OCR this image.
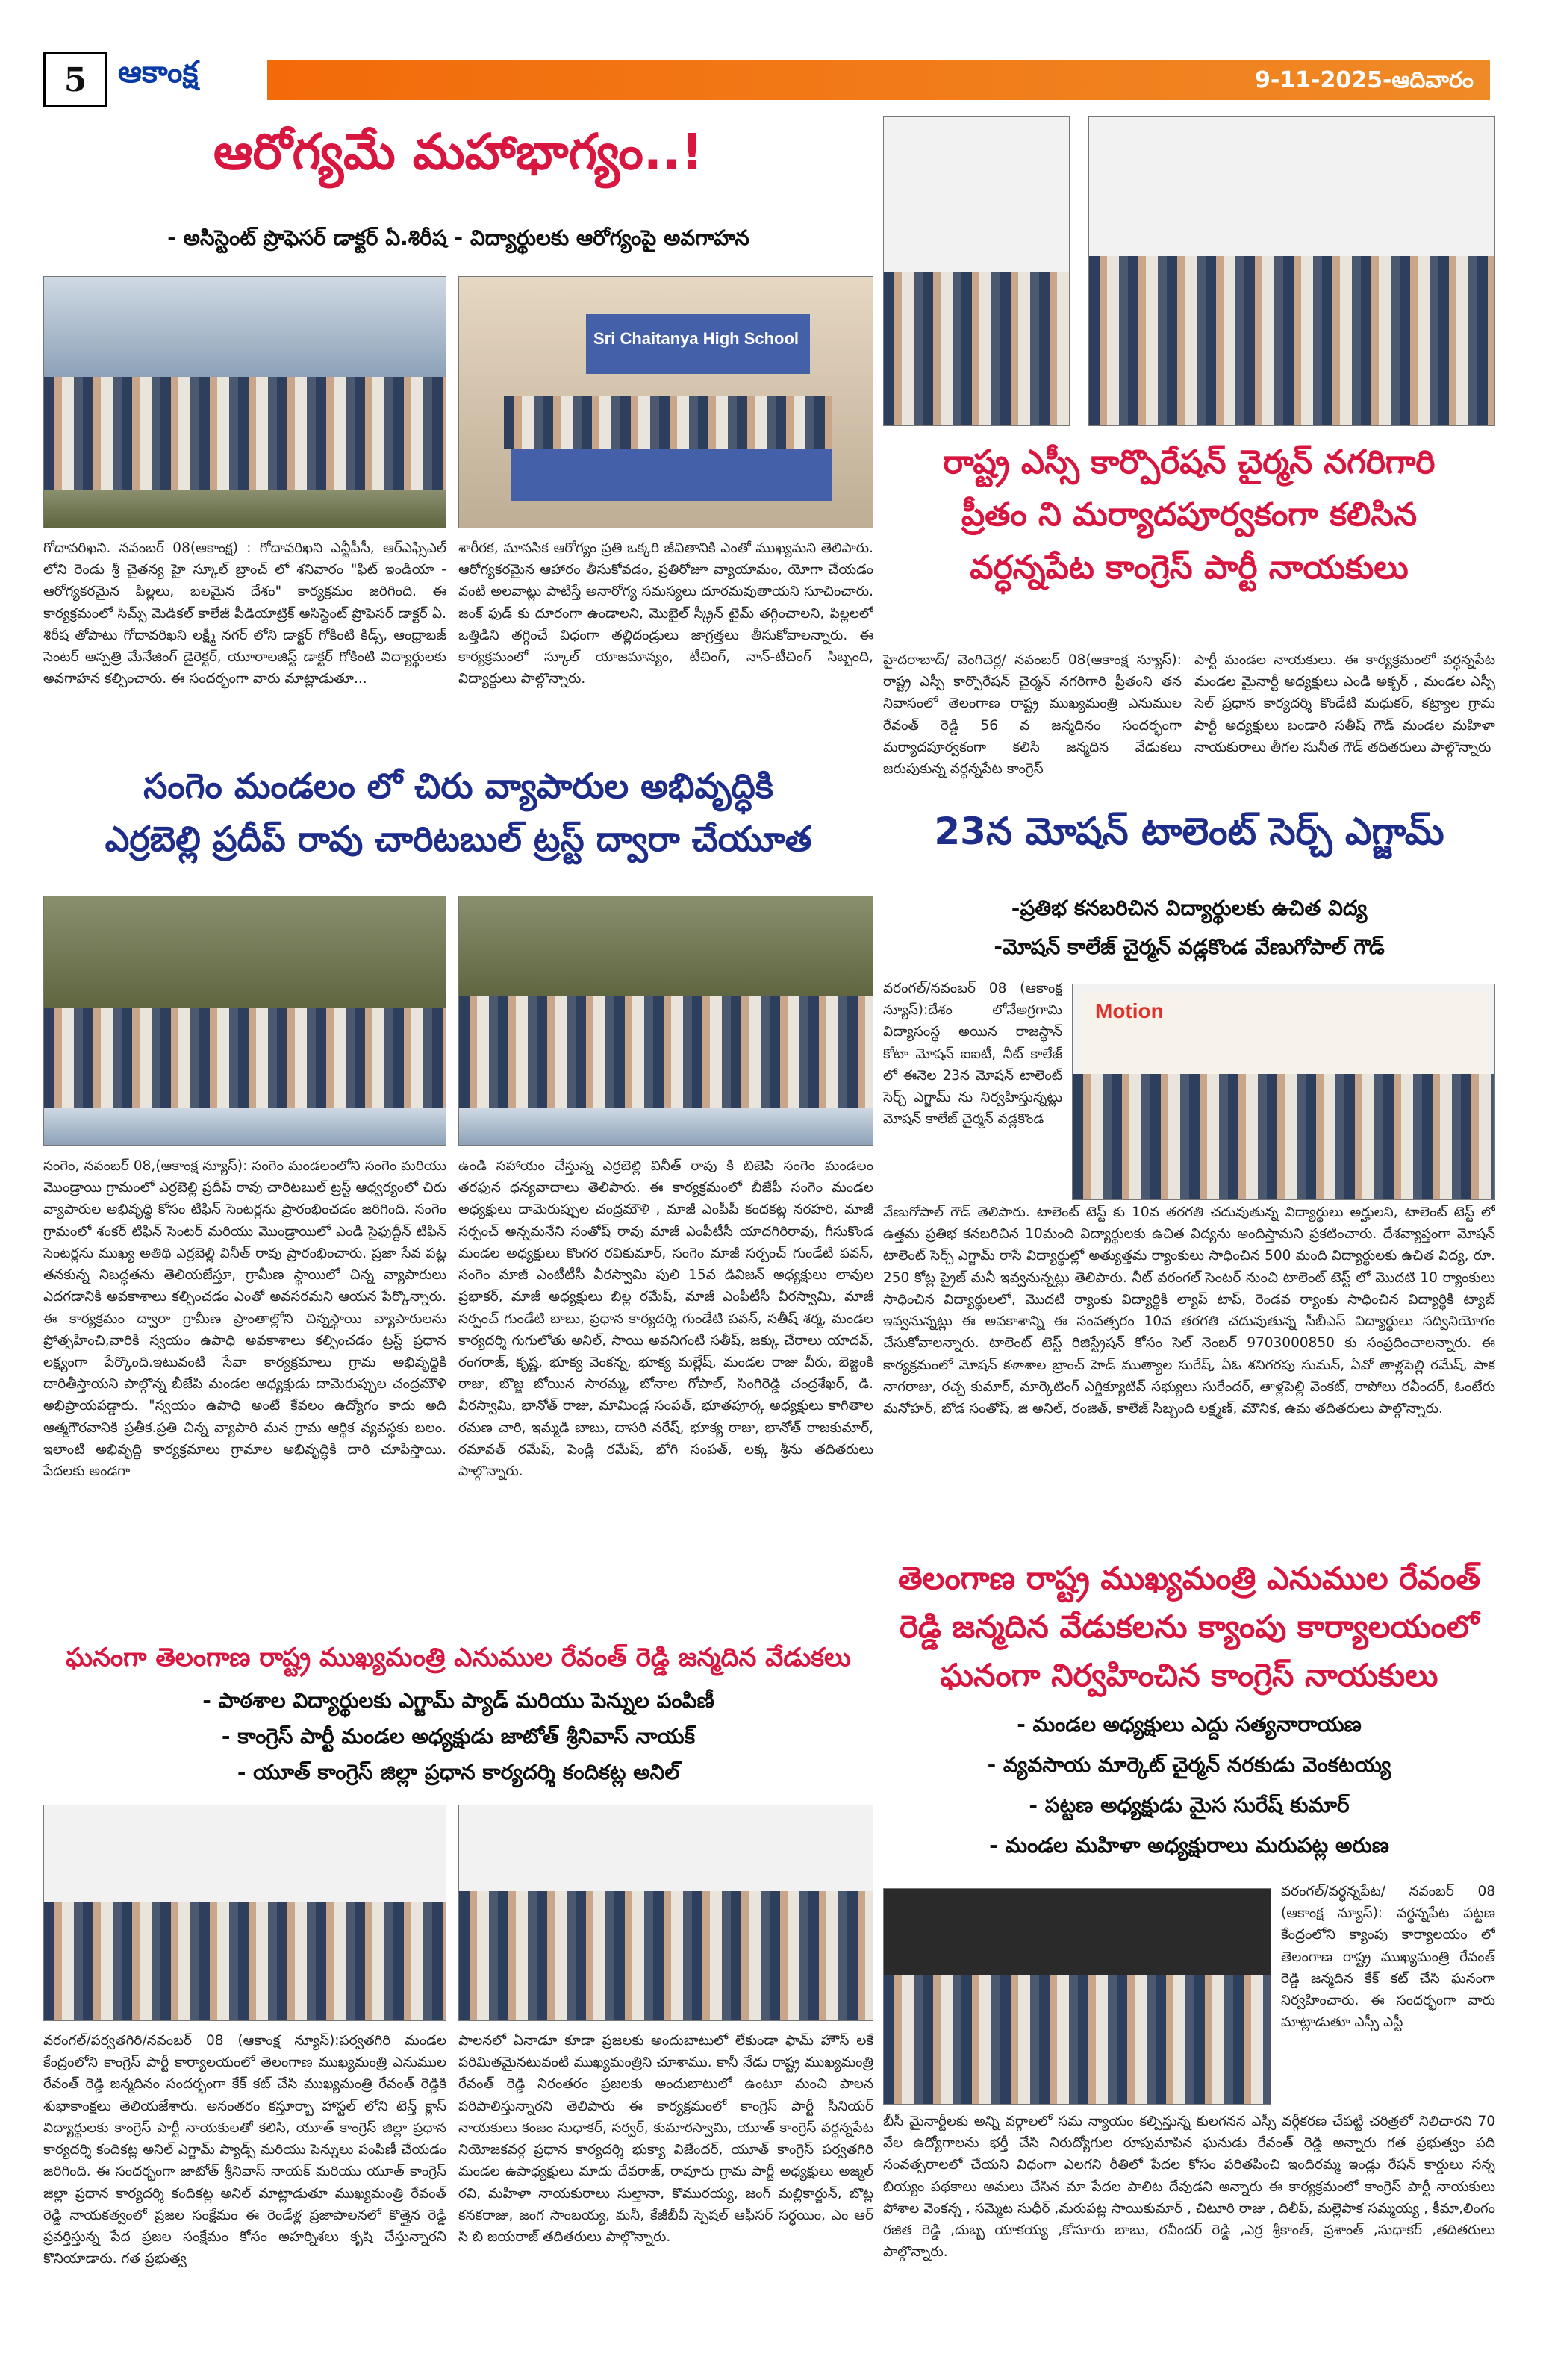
5	ఆకాంక్ష	9-11-2025-ఆదివారం
ఆరోగ్యమే మహాభాగ్యం..!
- అసిస్టెంట్ ప్రొఫెసర్ డాక్టర్ ఏ.శిరీష - విద్యార్థులకు ఆరోగ్యంపై అవగాహన
Sri Chaitanya High School
గోదావరిఖని. నవంబర్ 08(ఆకాంక్ష) : గోదావరిఖని ఎన్టీపీసీ, ఆర్ఎఫ్సిఎల్ లోని రెండు శ్రీ చైతన్య హై స్కూల్ బ్రాంచ్ లో శనివారం "ఫిట్ ఇండియా - ఆరోగ్యకరమైన పిల్లలు, బలమైన దేశం" కార్యక్రమం జరిగింది. ఈ కార్యక్రమంలో సిమ్స్ మెడికల్ కాలేజీ పీడియాట్రిక్ అసిస్టెంట్ ప్రొఫెసర్ డాక్టర్ ఏ. శిరీష తోపాటు గోదావరిఖని లక్ష్మీ నగర్ లోని డాక్టర్ గోకింటి కిడ్స్, ఆంధ్రాబజ్ సెంటర్ ఆస్పత్రి మేనేజింగ్ డైరెక్టర్, యూరాలజిస్ట్ డాక్టర్ గోకింటి విద్యార్థులకు అవగాహన కల్పించారు. ఈ సందర్భంగా వారు మాట్లాడుతూ...
శారీరక, మానసిక ఆరోగ్యం ప్రతి ఒక్కరి జీవితానికి ఎంతో ముఖ్యమని తెలిపారు. ఆరోగ్యకరమైన ఆహారం తీసుకోవడం, ప్రతిరోజూ వ్యాయామం, యోగా చేయడం వంటి అలవాట్లు పాటిస్తే అనారోగ్య సమస్యలు దూరమవుతాయని సూచించారు. జంక్ ఫుడ్ కు దూరంగా ఉండాలని, మొబైల్ స్క్రీన్ టైమ్ తగ్గించాలని, పిల్లలలో ఒత్తిడిని తగ్గించే విధంగా తల్లిదండ్రులు జాగ్రత్తలు తీసుకోవాలన్నారు. ఈ కార్యక్రమంలో స్కూల్ యాజమాన్యం, టీచింగ్, నాన్-టీచింగ్ సిబ్బంది, విద్యార్థులు పాల్గొన్నారు.
రాష్ట్ర ఎస్సీ కార్పొరేషన్ చైర్మన్ నగరిగారి
ప్రీతం ని మర్యాదపూర్వకంగా కలిసిన
వర్ధన్నపేట కాంగ్రెస్ పార్టీ నాయకులు
హైదరాబాద్/ వెంగిచెర్ల/ నవంబర్ 08(ఆకాంక్ష న్యూస్): రాష్ట్ర ఎస్సీ కార్పొరేషన్ చైర్మన్ నగరిగారి ప్రీతంని తన నివాసంలో తెలంగాణ రాష్ట్ర ముఖ్యమంత్రి ఎనుముల రేవంత్ రెడ్డి 56 వ జన్మదినం సందర్భంగా మర్యాదపూర్వకంగా కలిసి జన్మదిన వేడుకలు జరుపుకున్న వర్ధన్నపేట కాంగ్రెస్
పార్టీ మండల నాయకులు. ఈ కార్యక్రమంలో వర్ధన్నపేట మండల మైనార్టీ అధ్యక్షులు ఎండి అక్బర్ , మండల ఎస్సీ సెల్ ప్రధాన కార్యదర్శి కొండేటి మధుకర్, కట్ర్యాల గ్రామ పార్టీ అధ్యక్షులు బండారి సతీష్ గౌడ్ మండల మహిళా నాయకురాలు తీగల సునీత గౌడ్ తదితరులు పాల్గొన్నారు
సంగెం మండలం లో చిరు వ్యాపారుల అభివృద్ధికి
ఎర్రబెల్లి ప్రదీప్ రావు చారిటబుల్ ట్రస్ట్ ద్వారా చేయూత
సంగెం, నవంబర్ 08,(ఆకాంక్ష న్యూస్): సంగెం మండలంలోని సంగెం మరియు మొండ్రాయి గ్రామంలో ఎర్రబెల్లి ప్రదీప్ రావు చారిటబుల్ ట్రస్ట్ ఆధ్వర్యంలో చిరు వ్యాపారుల అభివృద్ధి కోసం టిఫిన్ సెంటర్లను ప్రారంభించడం జరిగింది. సంగెం గ్రామంలో శంకర్ టిఫిన్ సెంటర్ మరియు మొండ్రాయిలో ఎండి సైఫుద్దీన్ టిఫిన్ సెంటర్లను ముఖ్య అతిథి ఎర్రబెల్లి వినీత్ రావు ప్రారంభించారు. ప్రజా సేవ పట్ల తనకున్న నిబద్ధతను తెలియజేస్తూ, గ్రామీణ స్థాయిలో చిన్న వ్యాపారులు ఎదగడానికి అవకాశాలు కల్పించడం ఎంతో అవసరమని ఆయన పేర్కొన్నారు. ఈ కార్యక్రమం ద్వారా గ్రామీణ ప్రాంతాల్లోని చిన్నస్థాయి వ్యాపారులను ప్రోత్సహించి,వారికి స్వయం ఉపాధి అవకాశాలు కల్పించడం ట్రస్ట్ ప్రధాన లక్ష్యంగా పేర్కొంది.ఇటువంటి సేవా కార్యక్రమాలు గ్రామ అభివృద్ధికి దారితీస్తాయని పాల్గొన్న బీజేపి మండల అధ్యక్షుడు దామెరుప్పుల చంద్రమౌళి అభిప్రాయపడ్డారు. "స్వయం ఉపాధి అంటే కేవలం ఉద్యోగం కాదు అది ఆత్మగౌరవానికి ప్రతీక.ప్రతి చిన్న వ్యాపారి మన గ్రామ ఆర్థిక వ్యవస్థకు బలం. ఇలాంటి అభివృద్ధి కార్యక్రమాలు గ్రామాల అభివృద్ధికి దారి చూపిస్తాయి. పేదలకు అండగా
ఉండి సహాయం చేస్తున్న ఎర్రబెల్లి వినీత్ రావు కి బిజెపి సంగెం మండలం తరఫున ధన్యవాదాలు తెలిపారు. ఈ కార్యక్రమంలో బీజేపీ సంగెం మండల అధ్యక్షులు దామెరుప్పుల చంద్రమౌళి , మాజీ ఎంపీపీ కందకట్ల నరహరి, మాజీ సర్పంచ్ అన్నమనేని సంతోష్ రావు మాజీ ఎంపీటీసీ యాదగిరిరావు, గీసుకొండ మండల అధ్యక్షులు కొంగర రవికుమార్, సంగెం మాజీ సర్పంచ్ గుండేటి పవన్, సంగెం మాజీ ఎంటీటీసీ వీరస్వామి పులి 15వ డివిజన్ అధ్యక్షులు లావుల ప్రభాకర్, మాజీ అధ్యక్షులు బిల్ల రమేష్, మాజీ ఎంపీటీసీ వీరస్వామి, మాజీ సర్పంచ్ గుండేటి బాబు, ప్రధాన కార్యదర్శి గుండేటి పవన్, సతీష్ శర్మ, మండల కార్యదర్శి గుగులోతు అనిల్, సాయి అవనిగంటి సతీష్, జక్కు చేరాలు యాదవ్, రంగరాజ్, కృష్ణ, భూక్య వెంకన్న, భూక్య మల్లేష్, మండల రాజు వీరు, బెజ్జంకి రాజు, బొజ్జ బోయిన సారమ్మ, బోనాల గోపాల్, సింగిరెడ్డి చంద్రశేఖర్, డి. వీరస్వామి, భానోత్ రాజు, మామిండ్ల సంపత్, భూతపూర్క అధ్యక్షులు కాగితాల రమణ చారి, ఇమ్మడి బాబు, దాసరి నరేష్, భూక్య రాజు, భానోత్ రాజకుమార్, రమావత్ రమేష్, పెండ్లి రమేష్, భోగి సంపత్, లక్క శ్రీను తదితరులు పాల్గొన్నారు.
23న మోషన్ టాలెంట్ సెర్చ్ ఎగ్జామ్
-ప్రతిభ కనబరిచిన విద్యార్థులకు ఉచిత విద్య
-మోషన్ కాలేజ్ చైర్మన్ వడ్లకొండ వేణుగోపాల్ గౌడ్
వరంగల్/నవంబర్ 08 (ఆకాంక్ష న్యూస్):దేశం లోనేఅగ్రగామి విద్యాసంస్థ అయిన రాజస్థాన్ కోటా మోషన్ ఐఐటీ, నీట్ కాలేజ్ లో ఈనెల 23న మోషన్ టాలెంట్ సెర్చ్ ఎగ్జామ్ ను నిర్వహిస్తున్నట్లు మోషన్ కాలేజ్ చైర్మన్ వడ్లకొండ
Motion
వేణుగోపాల్ గౌడ్ తెలిపారు. టాలెంట్ టెస్ట్ కు 10వ తరగతి చదువుతున్న విద్యార్థులు అర్హులని, టాలెంట్ టెస్ట్ లో ఉత్తమ ప్రతిభ కనబరిచిన 10మంది విద్యార్థులకు ఉచిత విద్యను అందిస్తామని ప్రకటించారు. దేశవ్యాప్తంగా మోషన్ టాలెంట్ సెర్చ్ ఎగ్జామ్ రాసే విద్యార్థుల్లో అత్యుత్తమ ర్యాంకులు సాధించిన 500 మంది విద్యార్థులకు ఉచిత విద్య, రూ. 250 కోట్ల ప్రైజ్ మనీ ఇవ్వనున్నట్లు తెలిపారు. నీట్ వరంగల్ సెంటర్ నుంచి టాలెంట్ టెస్ట్ లో మొదటి 10 ర్యాంకులు సాధించిన విద్యార్థులలో, మొదటి ర్యాంకు విద్యార్థికి ల్యాప్ టాప్, రెండవ ర్యాంకు సాధించిన విద్యార్థికి ట్యాబ్ ఇవ్వనున్నట్లు ఈ అవకాశాన్ని ఈ సంవత్సరం 10వ తరగతి చదువుతున్న సీబీఎస్ విద్యార్థులు సద్వినియోగం చేసుకోవాలన్నారు. టాలెంట్ టెస్ట్ రిజిస్ట్రేషన్ కోసం సెల్ నెంబర్ 9703000850 కు సంప్రదించాలన్నారు. ఈ కార్యక్రమంలో మోషన్ కళాశాల బ్రాంచ్ హెడ్ ముత్యాల సురేష్, ఏఓ శనిగరపు సుమన్, ఏవో తాళ్లపెల్లి రమేష్, పాక నాగరాజు, రచ్చ కుమార్, మార్కెటింగ్ ఎగ్జిక్యూటివ్ సభ్యులు సురేందర్, తాళ్లపెల్లి వెంకట్, రాపోలు రవీందర్, ఓంటేరు మనోహర్, బోడ సంతోష్, జి అనిల్, రంజిత్, కాలేజ్ సిబ్బంది లక్ష్మణ్, మౌనిక, ఉమ తదితరులు పాల్గొన్నారు.
ఘనంగా తెలంగాణ రాష్ట్ర ముఖ్యమంత్రి ఎనుముల రేవంత్ రెడ్డి జన్మదిన వేడుకలు
- పాఠశాల విద్యార్థులకు ఎగ్జామ్ ప్యాడ్ మరియు పెన్నుల పంపిణీ
- కాంగ్రెస్ పార్టీ మండల అధ్యక్షుడు జాటోత్ శ్రీనివాస్ నాయక్
- యూత్ కాంగ్రెస్ జిల్లా ప్రధాన కార్యదర్శి కందికట్ల అనిల్
వరంగల్/పర్వతగిరి/నవంబర్ 08 (ఆకాంక్ష న్యూస్):పర్వతగిరి మండల కేంద్రంలోని కాంగ్రెస్ పార్టీ కార్యాలయంలో తెలంగాణ ముఖ్యమంత్రి ఎనుముల రేవంత్ రెడ్డి జన్మదినం సందర్భంగా కేక్ కట్ చేసి ముఖ్యమంత్రి రేవంత్ రెడ్డికి శుభాకాంక్షలు తెలియజేశారు. అనంతరం కస్తూర్బా హాస్టల్ లోని టెన్త్ క్లాస్ విద్యార్థులకు కాంగ్రెస్ పార్టీ నాయకులతో కలిసి, యూత్ కాంగ్రెస్ జిల్లా ప్రధాన కార్యదర్శి కందికట్ల అనిల్ ఎగ్జామ్ ప్యాడ్స్ మరియు పెన్నులు పంపిణీ చేయడం జరిగింది. ఈ సందర్భంగా జాటోత్ శ్రీనివాస్ నాయక్ మరియు యూత్ కాంగ్రెస్ జిల్లా ప్రధాన కార్యదర్శి కందికట్ల అనిల్ మాట్లాడుతూ ముఖ్యమంత్రి రేవంత్ రెడ్డి నాయకత్వంలో ప్రజల సంక్షేమం ఈ రెండేళ్ల ప్రజాపాలనలో కొత్తైన రెడ్డి ప్రవర్తిస్తున్న పేద ప్రజల సంక్షేమం కోసం అహర్నిశలు కృషి చేస్తున్నారని కొనియాడారు. గత ప్రభుత్వ
పాలనలో ఏనాడూ కూడా ప్రజలకు అందుబాటులో లేకుండా ఫామ్ హౌస్ లకే పరిమితమైనటువంటి ముఖ్యమంత్రిని చూశాము. కానీ నేడు రాష్ట్ర ముఖ్యమంత్రి రేవంత్ రెడ్డి నిరంతరం ప్రజలకు అందుబాటులో ఉంటూ మంచి పాలన పరిపాలిస్తున్నారని తెలిపారు ఈ కార్యక్రమంలో కాంగ్రెస్ పార్టీ సీనియర్ నాయకులు కంజం సుధాకర్, సర్వర్, కుమారస్వామి, యూత్ కాంగ్రెస్ వర్ధన్నపేట నియోజకవర్గ ప్రధాన కార్యదర్శి భుక్యా విజేందర్, యూత్ కాంగ్రెస్ పర్వతగిరి మండల ఉపాధ్యక్షులు మాదు దేవరాజ్, రావూరు గ్రామ పార్టీ అధ్యక్షులు అజ్మల్ రవి, మహిళా నాయకురాలు సుల్తానా, కొమురయ్య, జంగ్ మల్లికార్జున్, బొట్ల కనకరాజు, జంగ సాంబయ్య, మనీ, కేజీబీవీ స్పెషల్ ఆఫీసర్ సర్ధయిం, ఎం ఆర్ సి బి జయరాజ్ తదితరులు పాల్గొన్నారు.
తెలంగాణ రాష్ట్ర ముఖ్యమంత్రి ఎనుముల రేవంత్
రెడ్డి జన్మదిన వేడుకలను క్యాంపు కార్యాలయంలో
ఘనంగా నిర్వహించిన కాంగ్రెస్ నాయకులు
- మండల అధ్యక్షులు ఎద్దు సత్యనారాయణ
- వ్యవసాయ మార్కెట్ చైర్మన్ నరకుడు వెంకటయ్య
- పట్టణ అధ్యక్షుడు మైస సురేష్ కుమార్
- మండల మహిళా అధ్యక్షురాలు మరుపట్ల అరుణ
వరంగల్/వర్ధన్నపేట/ నవంబర్ 08 (ఆకాంక్ష న్యూస్): వర్ధన్నపేట పట్టణ కేంద్రంలోని క్యాంపు కార్యాలయం లో తెలంగాణ రాష్ట్ర ముఖ్యమంత్రి రేవంత్ రెడ్డి జన్మదిన కేక్ కట్ చేసి ఘనంగా నిర్వహించారు. ఈ సందర్భంగా వారు మాట్లాడుతూ ఎస్సీ ఎస్టీ
బీసీ మైనార్టీలకు అన్ని వర్గాలలో సమ న్యాయం కల్పిస్తున్న కులగనన ఎస్సీ వర్గీకరణ చేపట్టి చరిత్రలో నిలిచారని 70 వేల ఉద్యోగాలను భర్తీ చేసి నిరుద్యోగుల రూపుమాపిన ఘనుడు రేవంత్ రెడ్డి అన్నారు గత ప్రభుత్వం పది సంవత్సరాలలో చేయని విధంగా ఎలగని రీతిలో పేదల కోసం పరితపించి ఇందిరమ్మ ఇండ్లు రేషన్ కార్డులు సన్న బియ్యం పథకాలు అమలు చేసిన మా పేదల పాలిట దేవుడని అన్నారు ఈ కార్యక్రమంలో కాంగ్రెస్ పార్టీ నాయకులు పోశాల వెంకన్న , సమ్మెట సుధీర్ ,మరుపట్ల సాయికుమార్ , చిటూరి రాజు , దిలీప్, మల్లెపాక సమ్మయ్య , కీమా,లింగం రజిత రెడ్డి ,దుబ్బ యాకయ్య ,కోసూరు బాబు, రవీందర్ రెడ్డి ,ఎర్ర శ్రీకాంత్, ప్రశాంత్ ,సుధాకర్ ,తదితరులు పాల్గొన్నారు.
